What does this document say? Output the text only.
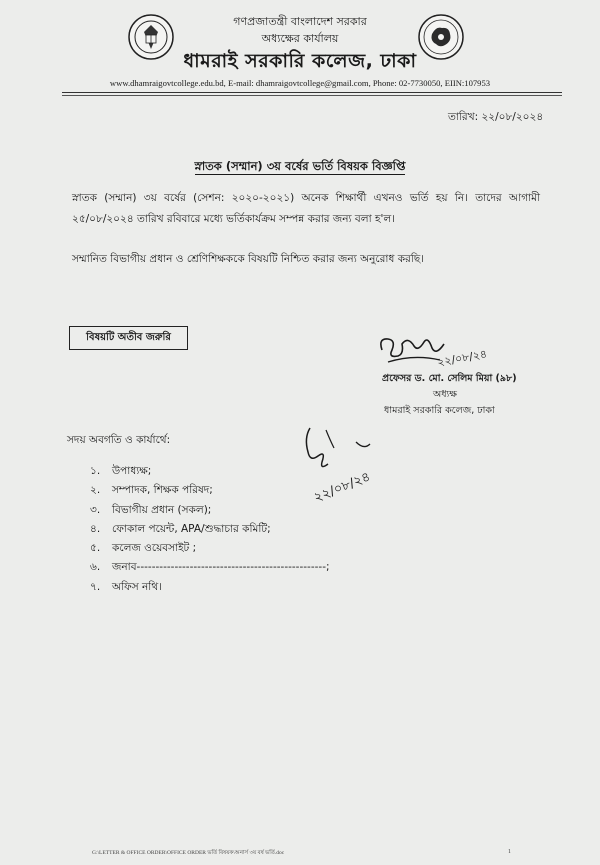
গণপ্রজাতন্ত্রী বাংলাদেশ সরকার
অধ্যক্ষের কার্যালয়
ধামরাই সরকারি কলেজ, ঢাকা
www.dhamraigovtcollege.edu.bd, E-mail: dhamraigovtcollege@gmail.com, Phone: 02-7730050, EIIN:107953
তারিখ: ২২/০৮/২০২৪
স্নাতক (সম্মান) ৩য় বর্ষের ভর্তি বিষয়ক বিজ্ঞপ্তি
স্নাতক (সম্মান) ৩য় বর্ষের (সেশন: ২০২০-২০২১) অনেক শিক্ষার্থী এখনও ভর্তি হয় নি। তাদের আগামী ২৫/০৮/২০২৪ তারিখ রবিবারে মধ্যে ভর্তিকার্যক্রম সম্পন্ন করার জন্য বলা হ'ল।
সম্মানিত বিভাগীয় প্রধান ও শ্রেণিশিক্ষককে বিষয়টি নিশ্চিত করার জন্য অনুরোধ করছি।
বিষয়টি অতীব জরুরি
২২/০৮/২৪
প্রফেসর ড. মো. সেলিম মিয়া (৯৮)
অধ্যক্ষ
ধামরাই সরকারি কলেজ, ঢাকা
সদয় অবগতি ও কার্যার্থে:
১.	উপাধ্যক্ষ;
২.	সম্পাদক, শিক্ষক পরিষদ;
৩.	বিভাগীয় প্রধান (সকল);
৪.	ফোকাল পয়েন্ট, APA/শুদ্ধাচার কমিটি;
৫.	কলেজ ওয়েবসাইট ;
৬.	জনাব--------------------------------------------------;
৭.	অফিস নথি।
২২/০৮/২৪
G:\LETTER & OFFICE ORDER\OFFICE ORDER ভর্তি বিষয়ক\অনার্স ৩য় বর্ষ ভর্তি.doc	1
